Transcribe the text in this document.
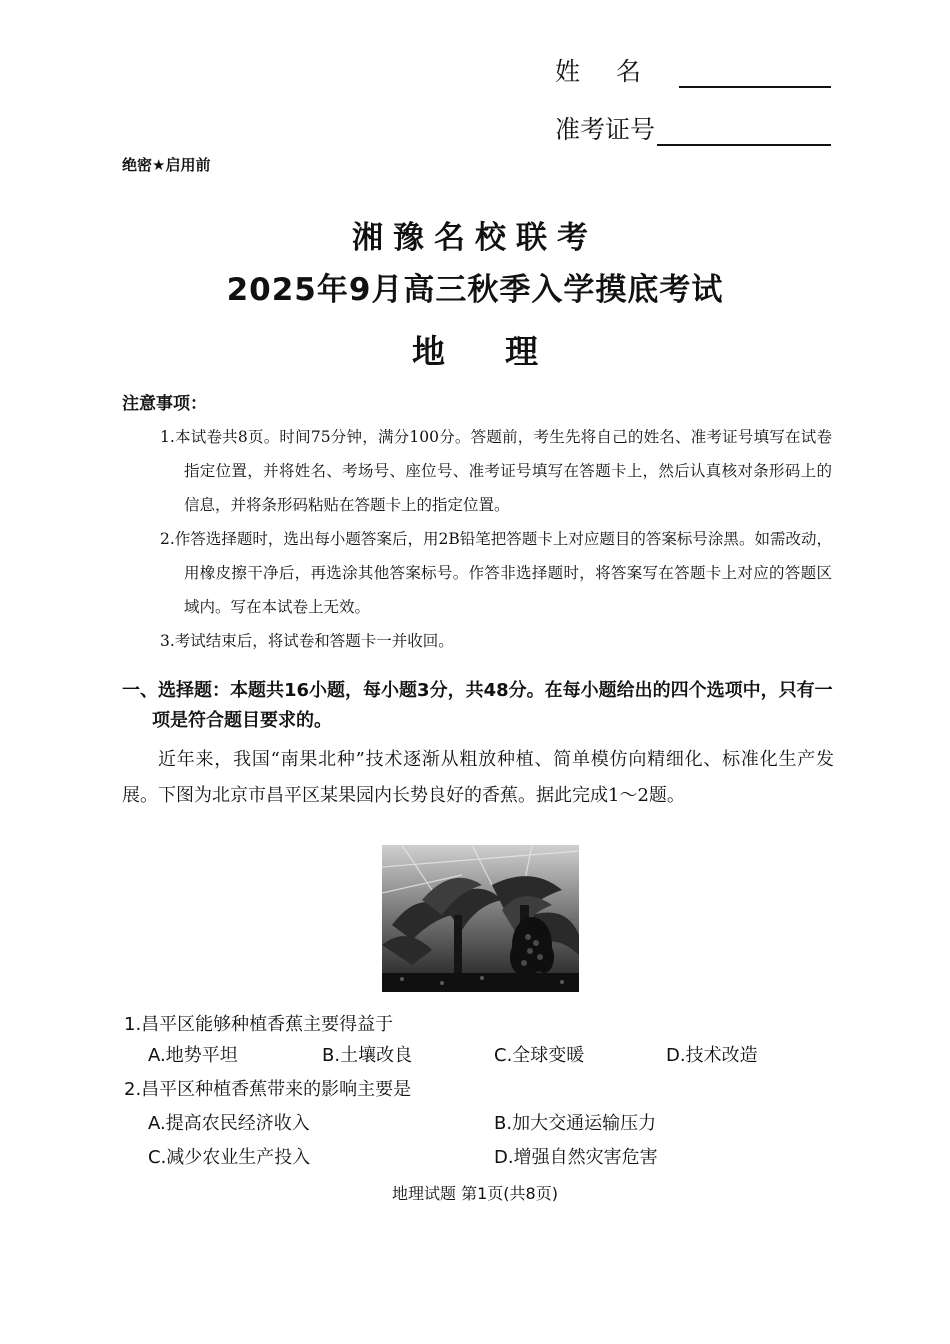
姓名
准考证号
绝密★启用前
湘豫名校联考
2025年9月高三秋季入学摸底考试
地理
注意事项：
1.本试卷共8页。时间75分钟，满分100分。答题前，考生先将自己的姓名、准考证号填写在试卷指定位置，并将姓名、考场号、座位号、准考证号填写在答题卡上，然后认真核对条形码上的信息，并将条形码粘贴在答题卡上的指定位置。
2.作答选择题时，选出每小题答案后，用2B铅笔把答题卡上对应题目的答案标号涂黑。如需改动，用橡皮擦干净后，再选涂其他答案标号。作答非选择题时，将答案写在答题卡上对应的答题区域内。写在本试卷上无效。
3.考试结束后，将试卷和答题卡一并收回。
一、选择题：本题共16小题，每小题3分，共48分。在每小题给出的四个选项中，只有一项是符合题目要求的。
近年来，我国“南果北种”技术逐渐从粗放种植、简单模仿向精细化、标准化生产发展。下图为北京市昌平区某果园内长势良好的香蕉。据此完成1～2题。
1.昌平区能够种植香蕉主要得益于
A.地势平坦	B.土壤改良	C.全球变暖	D.技术改造
2.昌平区种植香蕉带来的影响主要是
A.提高农民经济收入	B.加大交通运输压力
C.减少农业生产投入	D.增强自然灾害危害
地理试题 第1页(共8页)
